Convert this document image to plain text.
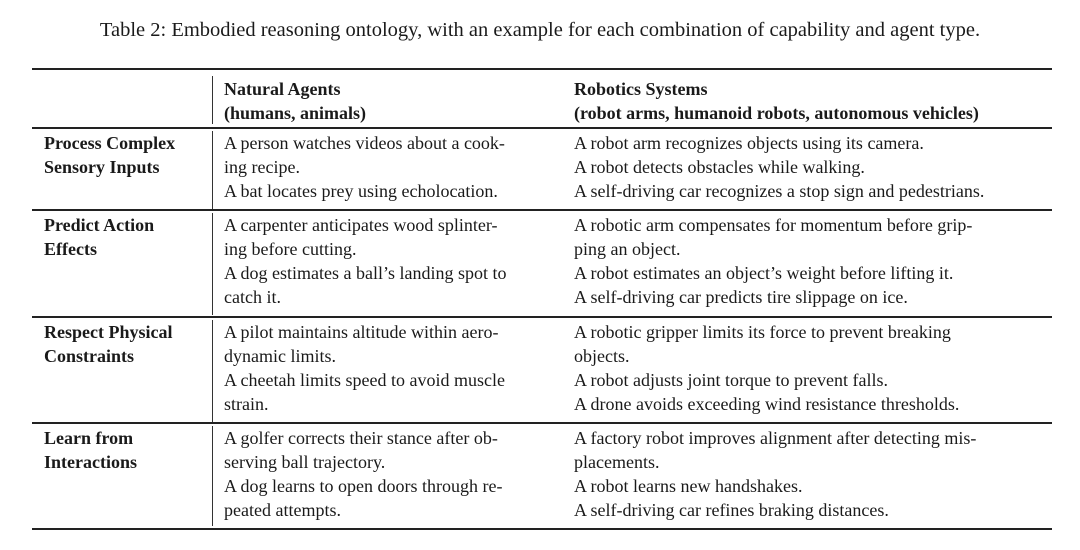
Table 2: Embodied reasoning ontology, with an example for each combination of capability and agent type.
Natural Agents
(humans, animals)
Robotics Systems
(robot arms, humanoid robots, autonomous vehicles)
Process Complex
Sensory Inputs
A person watches videos about a cook-
ing recipe.
A bat locates prey using echolocation.
A robot arm recognizes objects using its camera.
A robot detects obstacles while walking.
A self-driving car recognizes a stop sign and pedestrians.
Predict Action
Effects
A carpenter anticipates wood splinter-
ing before cutting.
A dog estimates a ball’s landing spot to
catch it.
A robotic arm compensates for momentum before grip-
ping an object.
A robot estimates an object’s weight before lifting it.
A self-driving car predicts tire slippage on ice.
Respect Physical
Constraints
A pilot maintains altitude within aero-
dynamic limits.
A cheetah limits speed to avoid muscle
strain.
A robotic gripper limits its force to prevent breaking
objects.
A robot adjusts joint torque to prevent falls.
A drone avoids exceeding wind resistance thresholds.
Learn from
Interactions
A golfer corrects their stance after ob-
serving ball trajectory.
A dog learns to open doors through re-
peated attempts.
A factory robot improves alignment after detecting mis-
placements.
A robot learns new handshakes.
A self-driving car refines braking distances.
